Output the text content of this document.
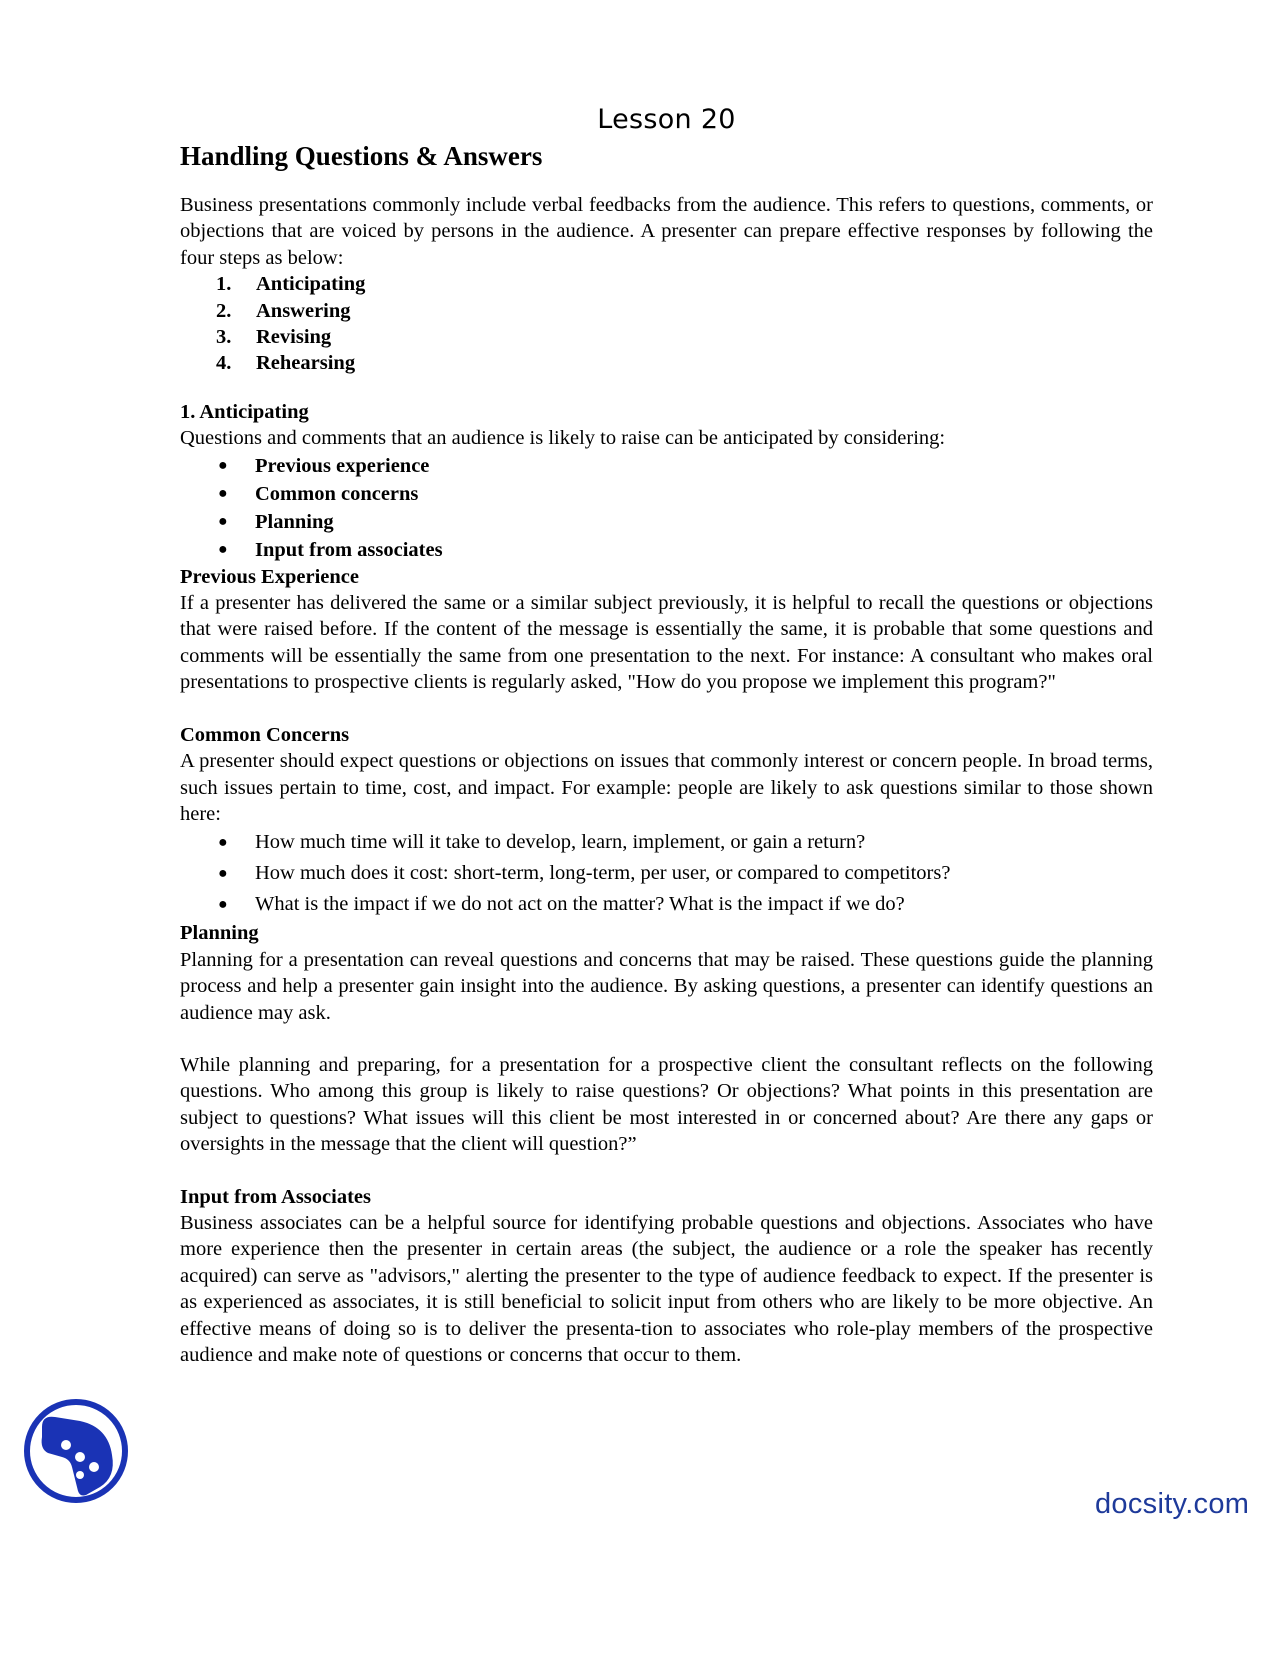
Lesson 20
Handling Questions & Answers

Business presentations commonly include verbal feedbacks from the audience. This refers to questions, comments, or objections that are voiced by persons in the audience. A presenter can prepare effective responses by following the four steps as below:

1.	Anticipating
2.	Answering
3.	Revising
4.	Rehearsing
1. Anticipating

Questions and comments that an audience is likely to raise can be anticipated by considering:

● Previous experience
● Common concerns
● Planning
● Input from associates
Previous Experience

If a presenter has delivered the same or a similar subject previously, it is helpful to recall the questions or objections that were raised before. If the content of the message is essentially the same, it is probable that some questions and comments will be essentially the same from one presentation to the next. For instance: A consultant who makes oral presentations to prospective clients is regularly asked, "How do you propose we implement this program?"

Common Concerns

A presenter should expect questions or objections on issues that commonly interest or concern people. In broad terms, such issues pertain to time, cost, and impact. For example: people are likely to ask questions similar to those shown here:

● How much time will it take to develop, learn, implement, or gain a return?
● How much does it cost: short-term, long-term, per user, or compared to competitors?
● What is the impact if we do not act on the matter? What is the impact if we do?
Planning

Planning for a presentation can reveal questions and concerns that may be raised. These questions guide the planning process and help a presenter gain insight into the audience. By asking questions, a presenter can identify questions an audience may ask.

While planning and preparing, for a presentation for a prospective client the consultant reflects on the following questions. Who among this group is likely to raise questions? Or objections? What points in this presentation are subject to questions? What issues will this client be most interested in or concerned about? Are there any gaps or oversights in the message that the client will question?”

Input from Associates

Business associates can be a helpful source for identifying probable questions and objections. Associates who have more experience then the presenter in certain areas (the subject, the audience or a role the speaker has recently acquired) can serve as "advisors," alerting the presenter to the type of audience feedback to expect. If the presenter is as experienced as associates, it is still beneficial to solicit input from others who are likely to be more objective. An effective means of doing so is to deliver the presenta-tion to associates who role-play members of the prospective audience and make note of questions or concerns that occur to them.

docsity.com
